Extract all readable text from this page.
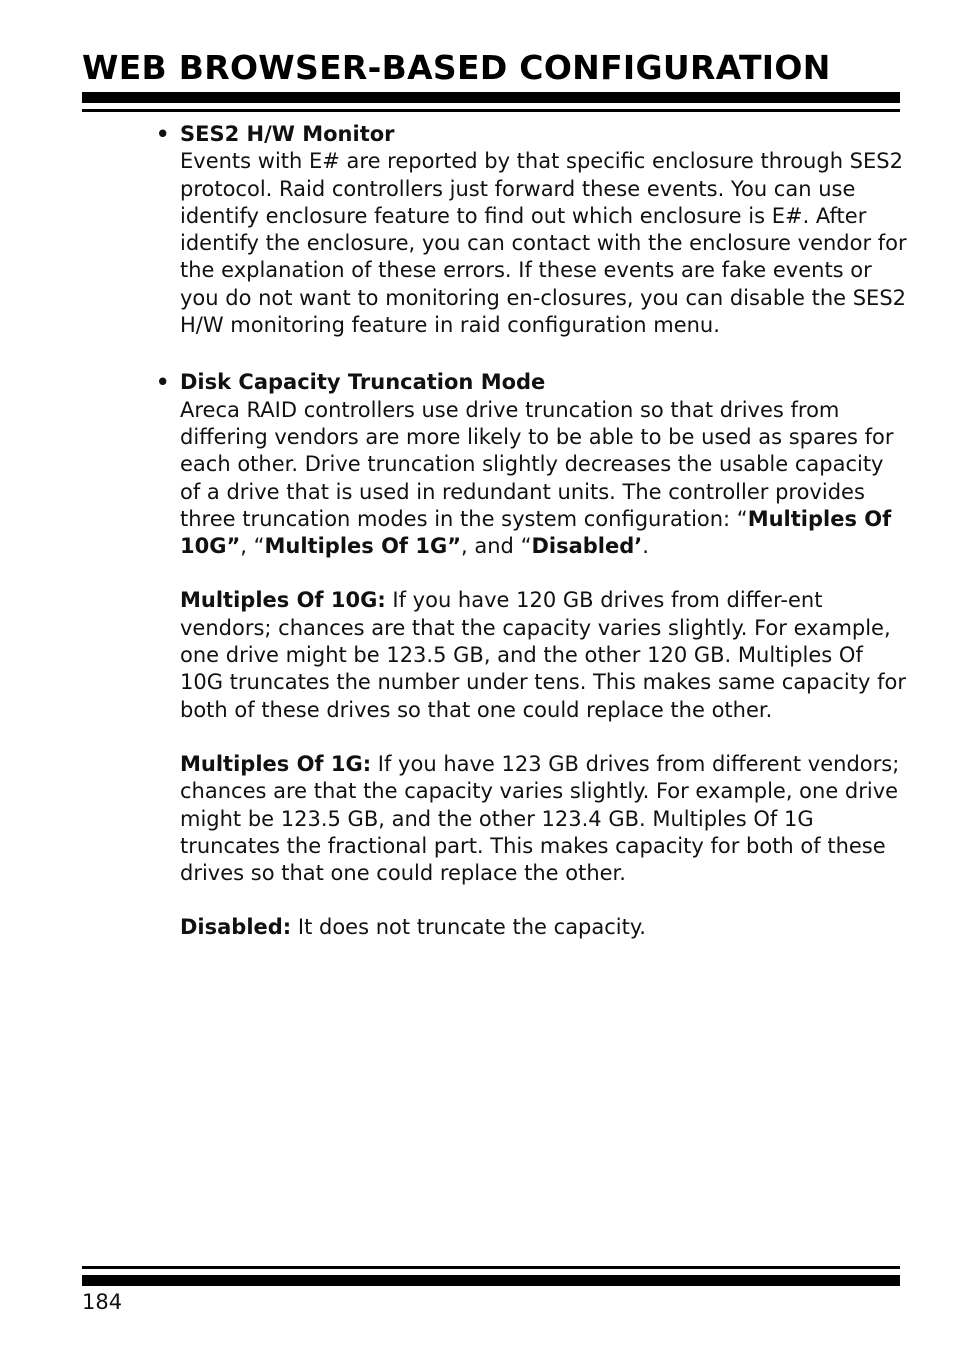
WEB BROWSER-BASED CONFIGURATION
• SES2 H/W Monitor

Events with E# are reported by that specific enclosure through SES2 protocol. Raid controllers just forward these events. You can use identify enclosure feature to find out which enclosure is E#. After identify the enclosure, you can contact with the enclosure vendor for the explanation of these errors. If these events are fake events or you do not want to monitoring en-closures, you can disable the SES2 H/W monitoring feature in raid configuration menu.

• Disk Capacity Truncation Mode

Areca RAID controllers use drive truncation so that drives from differing vendors are more likely to be able to be used as spares for each other. Drive truncation slightly decreases the usable capacity of a drive that is used in redundant units. The controller provides three truncation modes in the system configuration: “Multiples Of 10G”, “Multiples Of 1G”, and “Disabled’.

Multiples Of 10G: If you have 120 GB drives from differ-ent vendors; chances are that the capacity varies slightly. For example, one drive might be 123.5 GB, and the other 120 GB. Multiples Of 10G truncates the number under tens. This makes same capacity for both of these drives so that one could replace the other.

Multiples Of 1G: If you have 123 GB drives from different vendors; chances are that the capacity varies slightly. For example, one drive might be 123.5 GB, and the other 123.4 GB. Multiples Of 1G truncates the fractional part. This makes capacity for both of these drives so that one could replace the other.

Disabled: It does not truncate the capacity.

184
